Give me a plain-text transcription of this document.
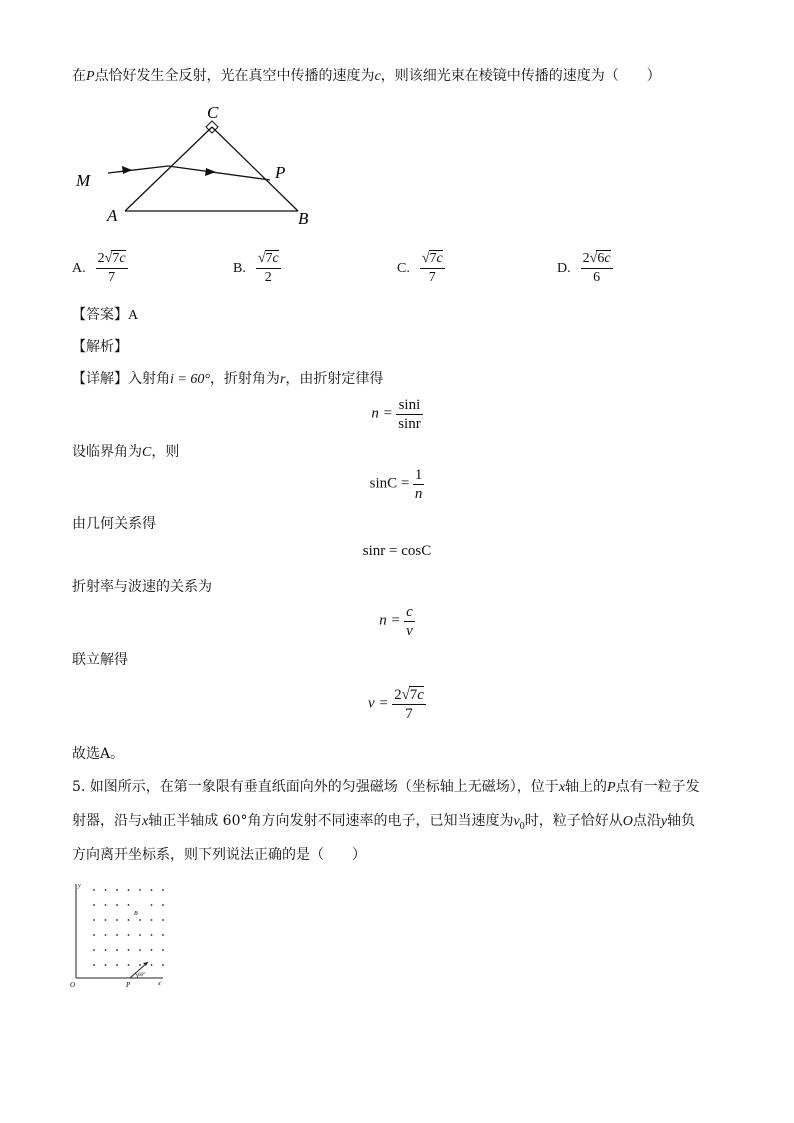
在P点恰好发生全反射，光在真空中传播的速度为c，则该细光束在棱镜中传播的速度为（　　）
C
M	P
A	B
A. $\frac{2√7c}{7}$	B. $\frac{√7c}{2}$	C. $\frac{√7c}{7}$	D. $\frac{2√6c}{6}$
【答案】A
【解析】
【详解】入射角i = 60°，折射角为r，由折射定律得
$n = \frac{\sin i}{\sin r}$
设临界角为C，则
$\sin C = \frac{1}{n}$
由几何关系得
sinr = cosC
折射率与波速的关系为
$n = \frac{c}{v}$
联立解得
$v = \frac{2√7c}{7}$
故选A。
5. 如图所示，在第一象限有垂直纸面向外的匀强磁场（坐标轴上无磁场），位于x轴上的P点有一粒子发
射器，沿与x轴正半轴成 60°角方向发射不同速率的电子，已知当速度为$v_0$时，粒子恰好从O点沿y轴负
方向离开坐标系，则下列说法正确的是（　　）
y
O	P	x
B
60°
